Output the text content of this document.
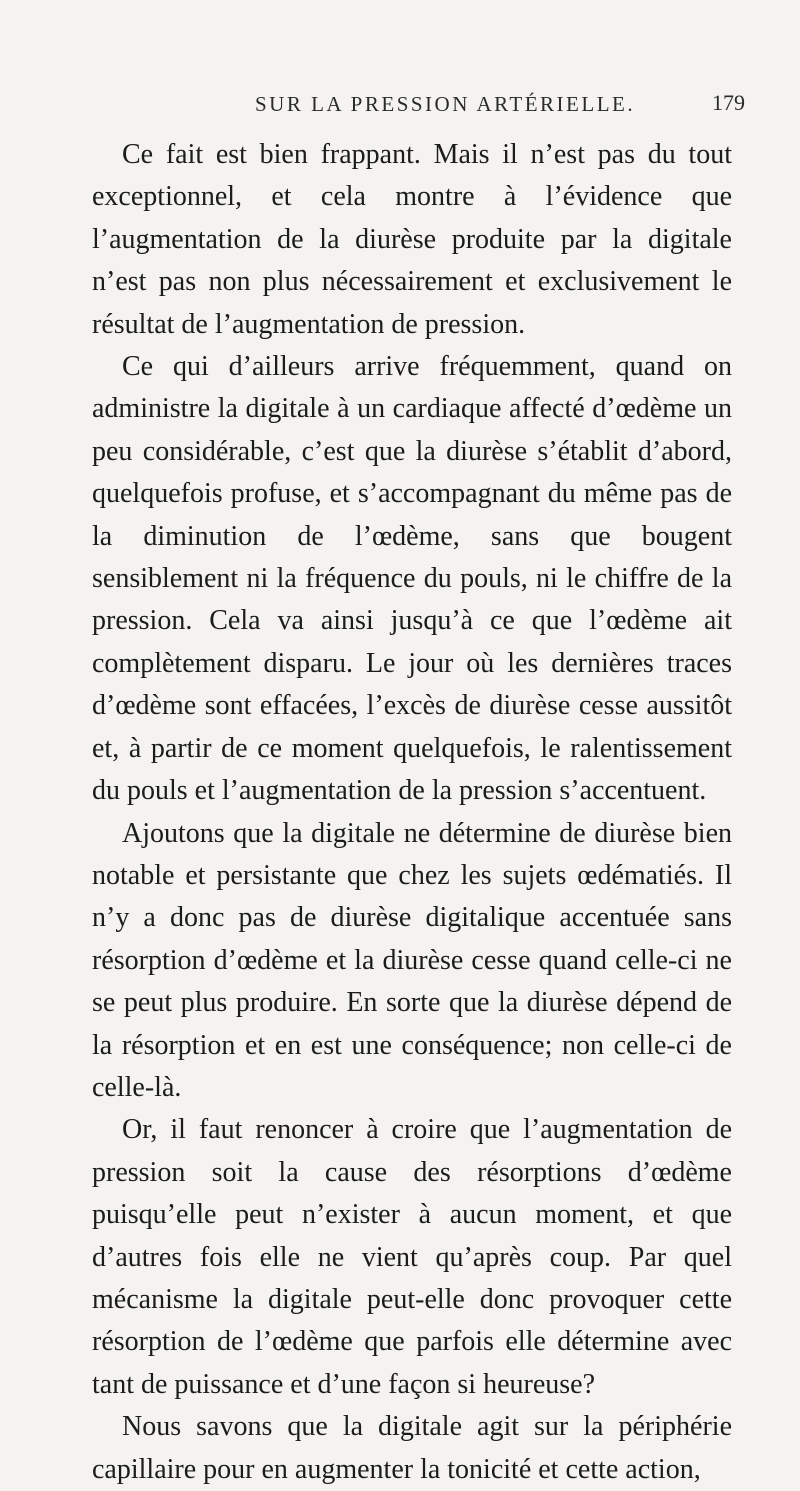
SUR LA PRESSION ARTÉRIELLE.	179

Ce fait est bien frappant. Mais il n’est pas du tout exceptionnel, et cela montre à l’évidence que l’augmentation de la diurèse produite par la digitale n’est pas non plus nécessairement et exclusivement le résultat de l’augmentation de pression.

Ce qui d’ailleurs arrive fréquemment, quand on administre la digitale à un cardiaque affecté d’œdème un peu considérable, c’est que la diurèse s’établit d’abord, quelquefois profuse, et s’accompagnant du même pas de la diminution de l’œdème, sans que bougent sensiblement ni la fréquence du pouls, ni le chiffre de la pression. Cela va ainsi jusqu’à ce que l’œdème ait complètement disparu. Le jour où les dernières traces d’œdème sont effacées, l’excès de diurèse cesse aussitôt et, à partir de ce moment quelquefois, le ralentissement du pouls et l’augmentation de la pression s’accentuent.

Ajoutons que la digitale ne détermine de diurèse bien notable et persistante que chez les sujets œdématiés. Il n’y a donc pas de diurèse digitalique accentuée sans résorption d’œdème et la diurèse cesse quand celle-ci ne se peut plus produire. En sorte que la diurèse dépend de la résorption et en est une conséquence; non celle-ci de celle-là.

Or, il faut renoncer à croire que l’augmentation de pression soit la cause des résorptions d’œdème puisqu’elle peut n’exister à aucun moment, et que d’autres fois elle ne vient qu’après coup. Par quel mécanisme la digitale peut-elle donc provoquer cette résorption de l’œdème que parfois elle détermine avec tant de puissance et d’une façon si heureuse?

Nous savons que la digitale agit sur la périphérie capillaire pour en augmenter la tonicité et cette action,
